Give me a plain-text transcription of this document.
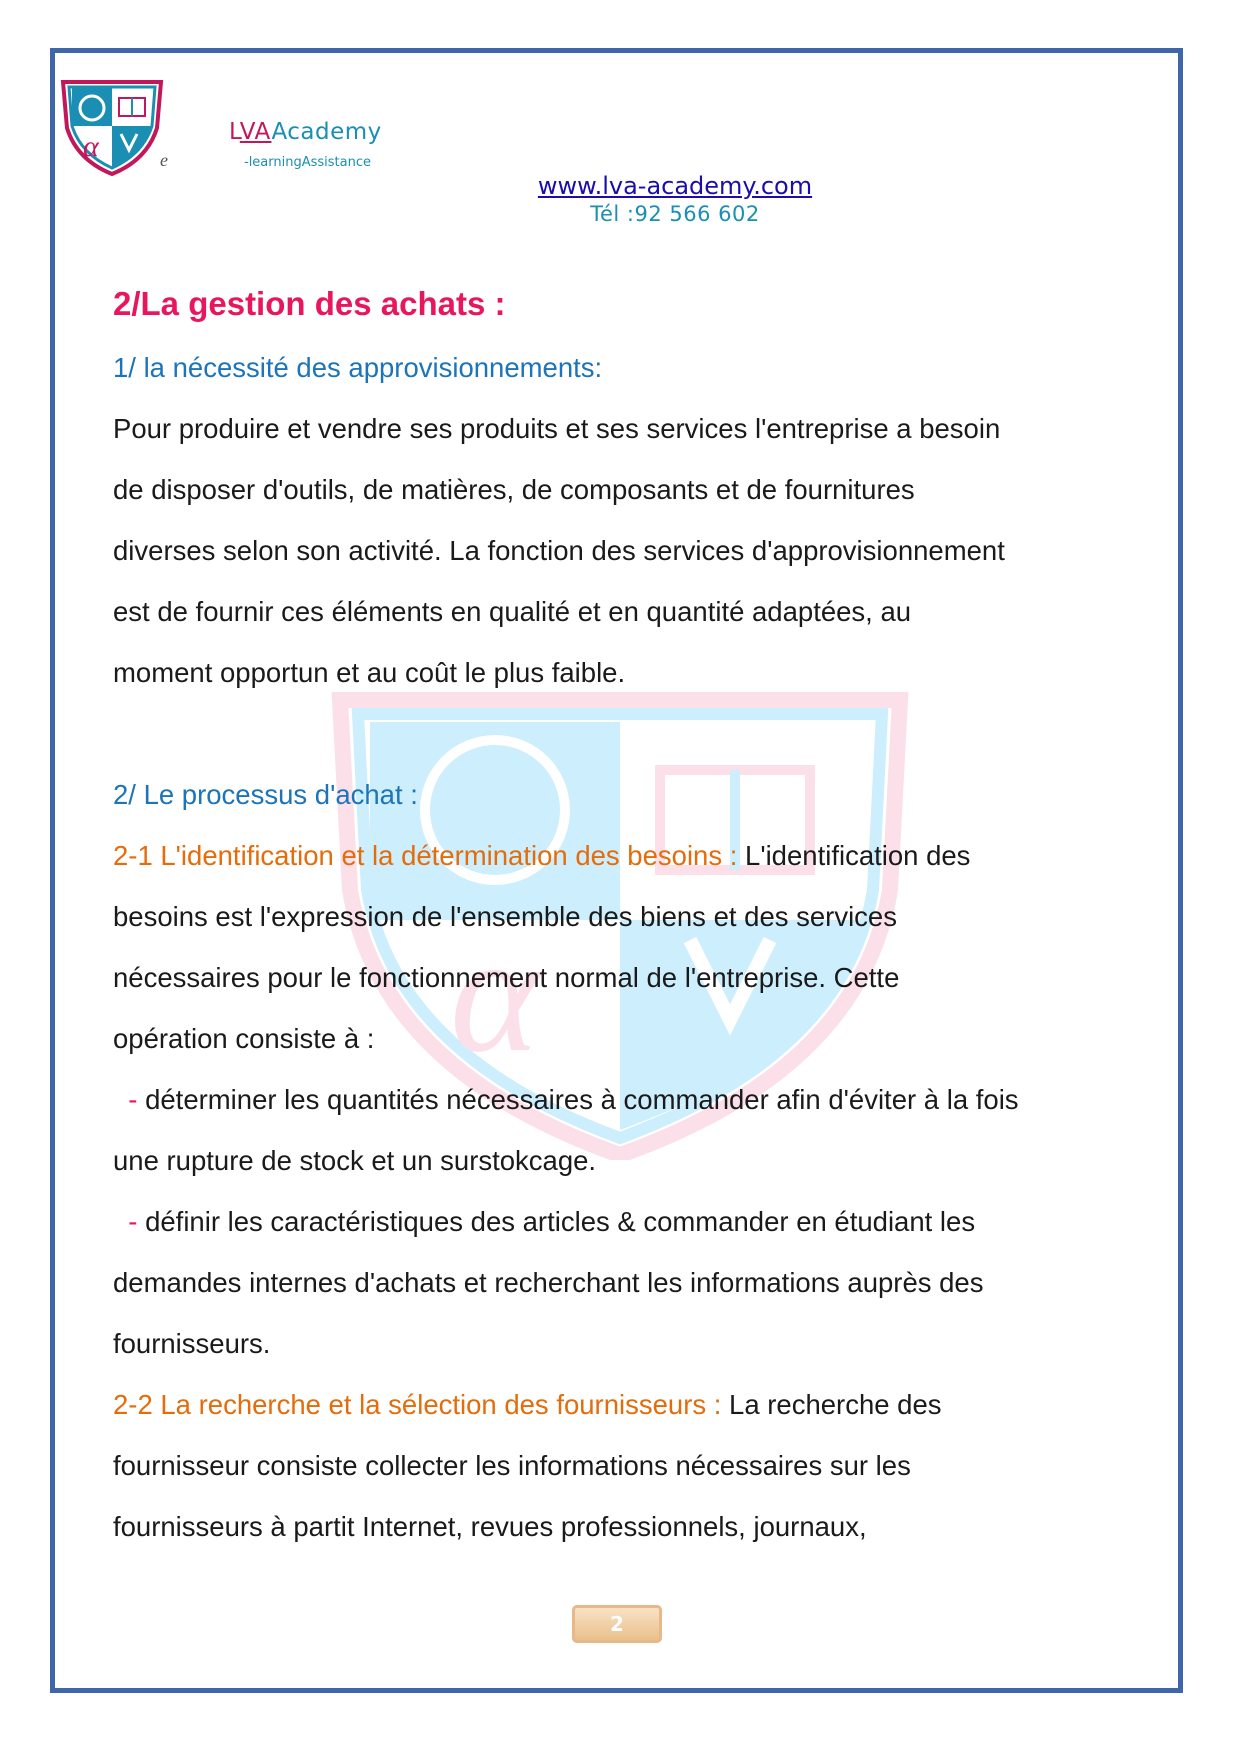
α	e
LVAAcademy
-learningAssistance
www.lva-academy.com
Tél :92 566 602
α
2/La gestion des achats :
1/ la nécessité des approvisionnements:
Pour produire et vendre ses produits et ses services l'entreprise a besoin
de disposer d'outils, de matières, de composants et de fournitures
diverses selon son activité. La fonction des services d'approvisionnement
est de fournir ces éléments en qualité et en quantité adaptées, au
moment opportun et au coût le plus faible.
2/ Le processus d'achat :
2-1 L'identification et la détermination des besoins : L'identification des
besoins est l'expression de l'ensemble des biens et des services
nécessaires pour le fonctionnement normal de l'entreprise. Cette
opération consiste à :
- déterminer les quantités nécessaires à commander afin d'éviter à la fois
une rupture de stock et un surstokcage.
- définir les caractéristiques des articles & commander en étudiant les
demandes internes d'achats et recherchant les informations auprès des
fournisseurs.
2-2 La recherche et la sélection des fournisseurs : La recherche des
fournisseur consiste collecter les informations nécessaires sur les
fournisseurs à partit Internet, revues professionnels, journaux,
2
